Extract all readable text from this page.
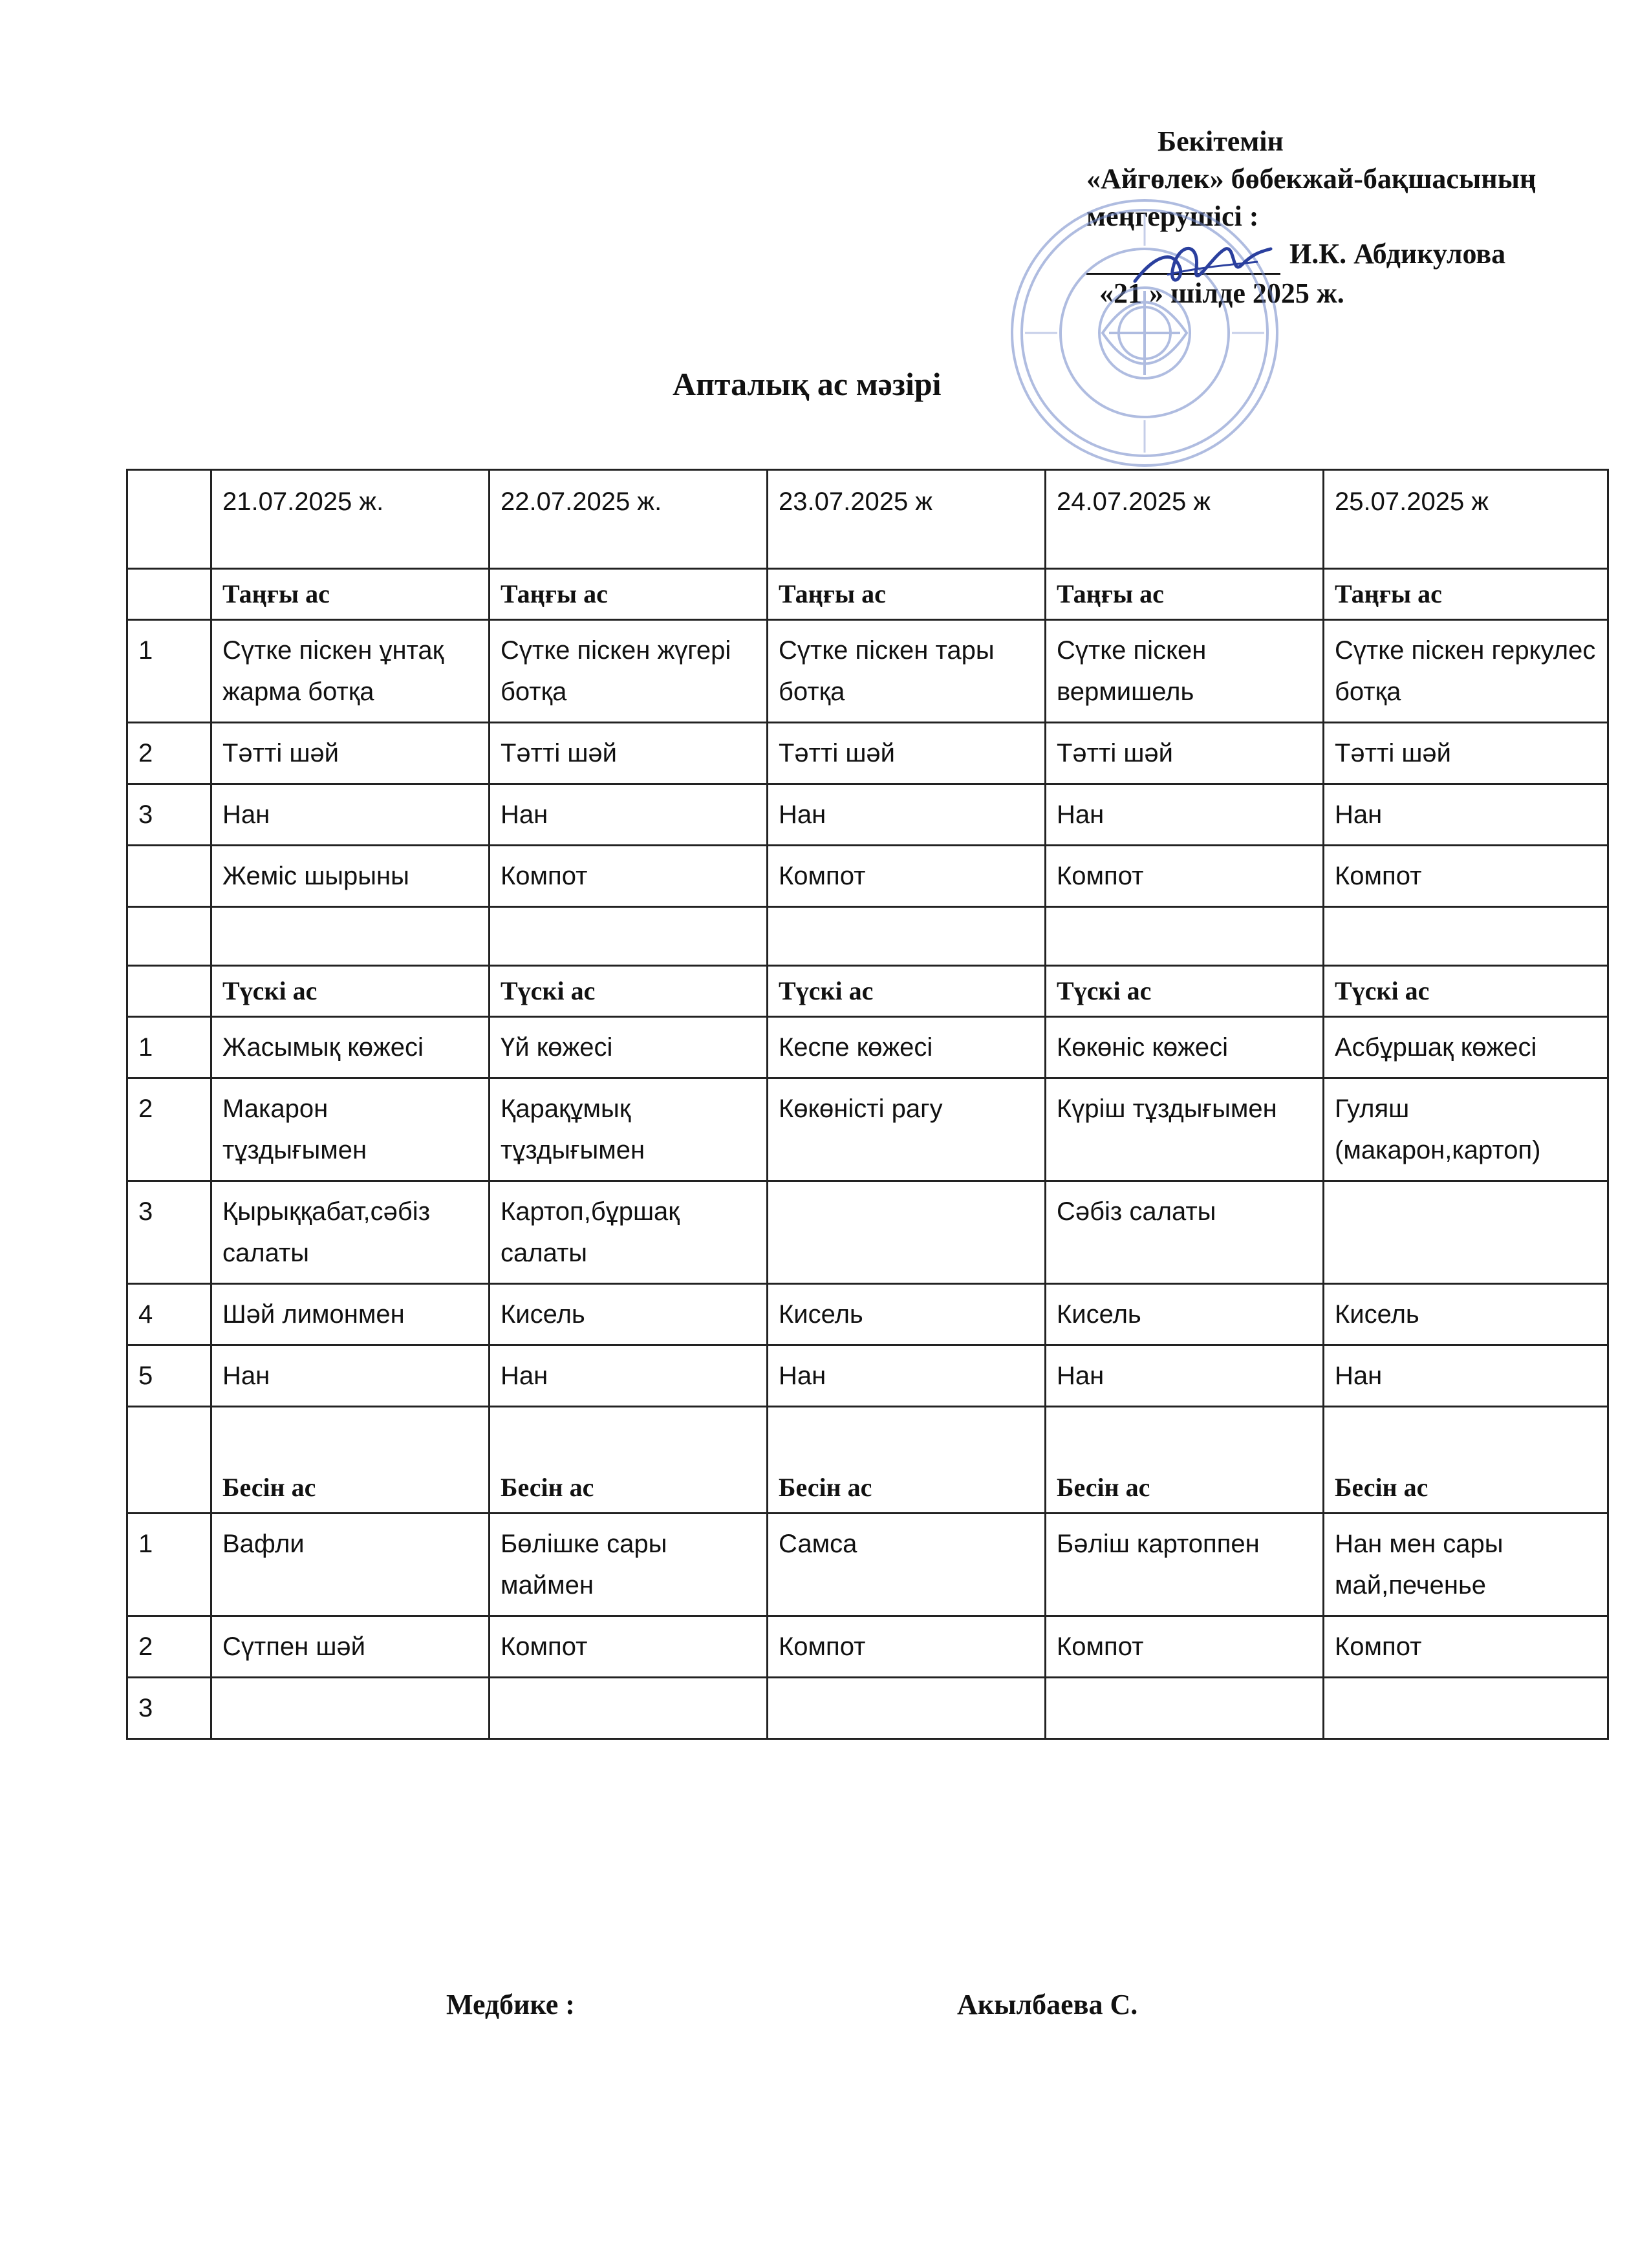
Бекітемін
«Айгөлек» бөбекжай-бақшасының
меңгерушісі :

И.К. Абдикулова
«21 » шілде 2025 ж.
Апталық ас мәзірі
	21.07.2025 ж.	22.07.2025 ж.	23.07.2025 ж	24.07.2025 ж	25.07.2025 ж
	Таңғы ас	Таңғы ас	Таңғы ас	Таңғы ас	Таңғы ас
1	Сүтке піскен ұнтақ жарма ботқа	Сүтке піскен жүгері ботқа	Сүтке піскен тары ботқа	Сүтке піскен вермишель	Сүтке піскен геркулес ботқа
2	Тәтті шәй	Тәтті шәй	Тәтті шәй	Тәтті шәй	Тәтті шәй
3	Нан	Нан	Нан	Нан	Нан
	Жеміс шырыны	Компот	Компот	Компот	Компот

	Түскі ас	Түскі ас	Түскі ас	Түскі ас	Түскі ас
1	Жасымық көжесі	Үй көжесі	Кеспе көжесі	Көкөніс көжесі	Асбұршақ көжесі
2	Макарон тұздығымен	Қарақұмық тұздығымен	Көкөністі рагу	Күріш тұздығымен	Гуляш (макарон,картоп)
3	Қырыққабат,сәбіз салаты	Картоп,бұршақ салаты		Сәбіз салаты	
4	Шәй лимонмен	Кисель	Кисель	Кисель	Кисель
5	Нан	Нан	Нан	Нан	Нан
	Бесін ас	Бесін ас	Бесін ас	Бесін ас	Бесін ас
1	Вафли	Бөлішке сары маймен	Самса	Бәліш картоппен	Нан мен сары май,печенье
2	Сүтпен шәй	Компот	Компот	Компот	Компот
3					
Медбике :	Акылбаева С.
